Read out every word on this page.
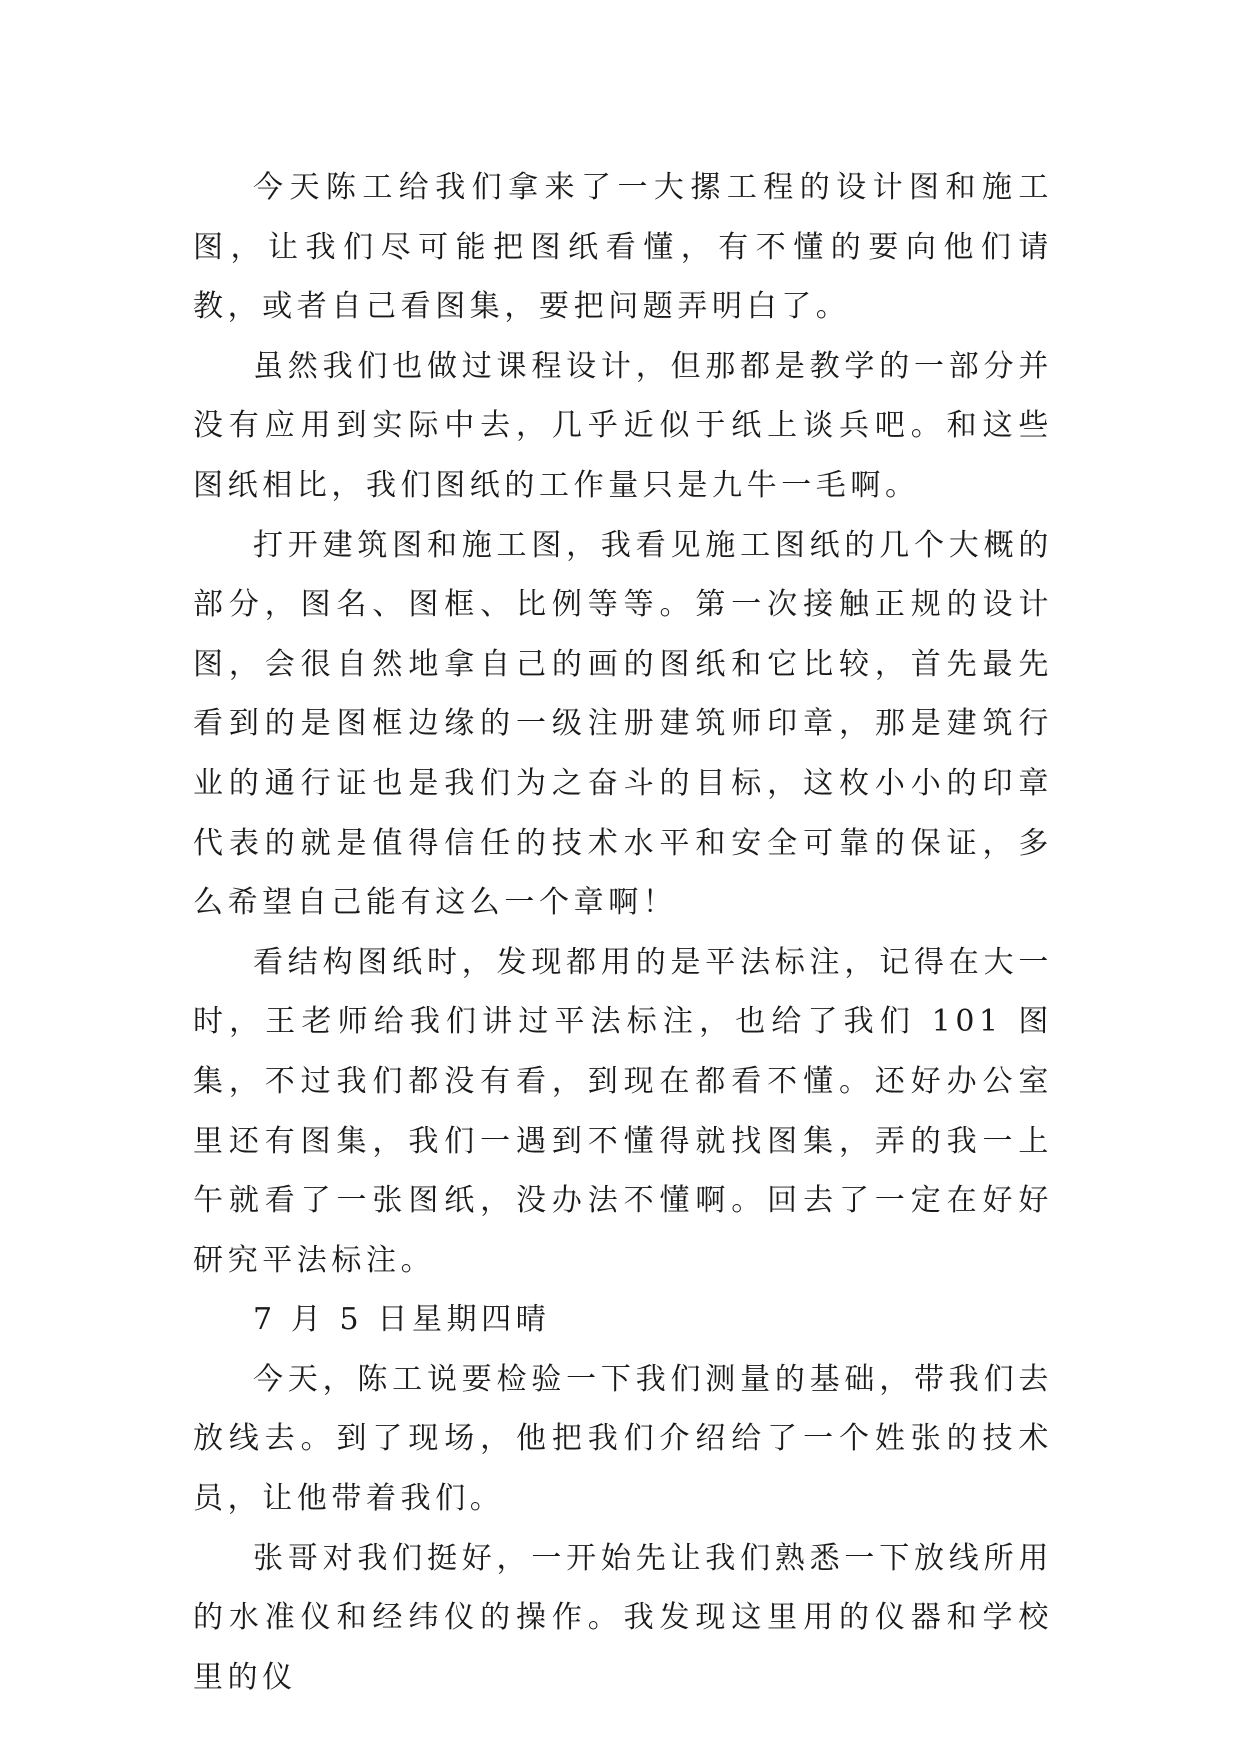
今天陈工给我们拿来了一大摞工程的设计图和施工图，让我们尽可能把图纸看懂，有不懂的要向他们请教，或者自己看图集，要把问题弄明白了。

虽然我们也做过课程设计，但那都是教学的一部分并没有应用到实际中去，几乎近似于纸上谈兵吧。和这些图纸相比，我们图纸的工作量只是九牛一毛啊。

打开建筑图和施工图，我看见施工图纸的几个大概的部分，图名、图框、比例等等。第一次接触正规的设计图，会很自然地拿自己的画的图纸和它比较，首先最先看到的是图框边缘的一级注册建筑师印章，那是建筑行业的通行证也是我们为之奋斗的目标，这枚小小的印章代表的就是值得信任的技术水平和安全可靠的保证，多么希望自己能有这么一个章啊！

看结构图纸时，发现都用的是平法标注，记得在大一时，王老师给我们讲过平法标注，也给了我们 101 图集，不过我们都没有看，到现在都看不懂。还好办公室里还有图集，我们一遇到不懂得就找图集，弄的我一上午就看了一张图纸，没办法不懂啊。回去了一定在好好研究平法标注。

7 月 5 日星期四晴

今天，陈工说要检验一下我们测量的基础，带我们去放线去。到了现场，他把我们介绍给了一个姓张的技术员，让他带着我们。

张哥对我们挺好，一开始先让我们熟悉一下放线所用的水准仪和经纬仪的操作。我发现这里用的仪器和学校里的仪
